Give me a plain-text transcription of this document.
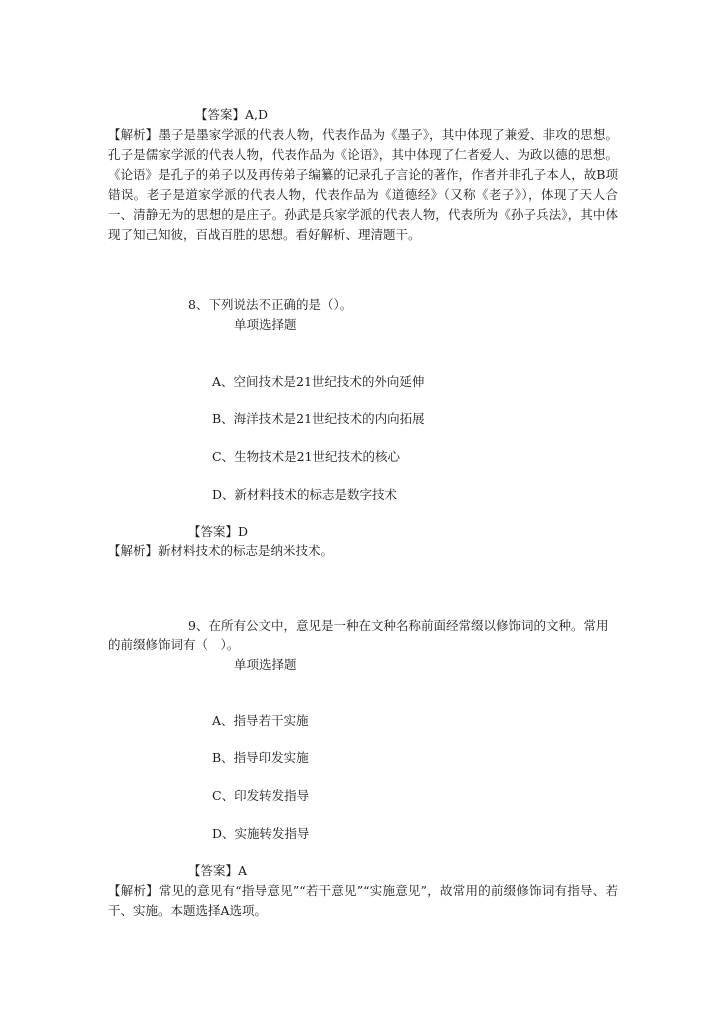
【答案】A,D
【解析】墨子是墨家学派的代表人物，代表作品为《墨子》，其中体现了兼爱、非攻的思想。孔子是儒家学派的代表人物，代表作品为《论语》，其中体现了仁者爱人、为政以德的思想。《论语》是孔子的弟子以及再传弟子编纂的记录孔子言论的著作，作者并非孔子本人，故B项错误。老子是道家学派的代表人物，代表作品为《道德经》（又称《老子》），体现了天人合一、清静无为的思想的是庄子。孙武是兵家学派的代表人物，代表所为《孙子兵法》，其中体现了知己知彼，百战百胜的思想。看好解析、理清题干。
8、下列说法不正确的是（）。
单项选择题
A、空间技术是21世纪技术的外向延伸
B、海洋技术是21世纪技术的内向拓展
C、生物技术是21世纪技术的核心
D、新材料技术的标志是数字技术
【答案】D
【解析】新材料技术的标志是纳米技术。
9、在所有公文中，意见是一种在文种名称前面经常缀以修饰词的文种。常用
的前缀修饰词有（　）。
单项选择题
A、指导若干实施
B、指导印发实施
C、印发转发指导
D、实施转发指导
【答案】A
【解析】常见的意见有“指导意见”“若干意见”“实施意见”，故常用的前缀修饰词有指导、若干、实施。本题选择A选项。
